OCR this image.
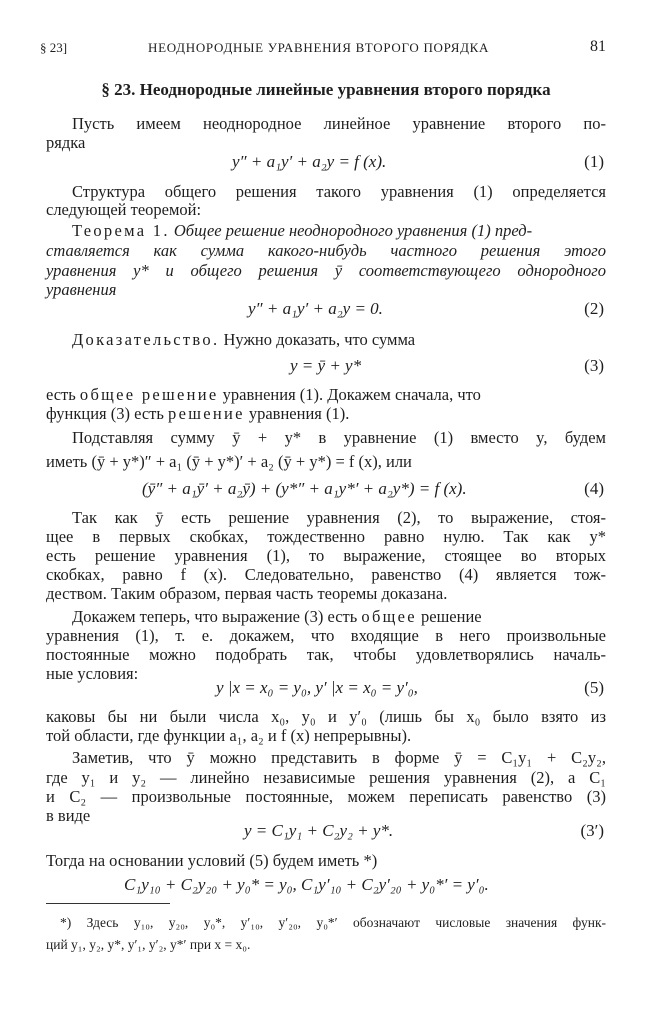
§ 23]	НЕОДНОРОДНЫЕ УРАВНЕНИЯ ВТОРОГО ПОРЯДКА	81
§ 23. Неоднородные линейные уравнения второго порядка
Пусть имеем неоднородное линейное уравнение второго по-
рядка
y″ + a₁y′ + a₂y = f (x).	(1)
Структура общего решения такого уравнения (1) определяется
следующей теоремой:
Теорема 1. Общее решение неоднородного уравнения (1) пред-
ставляется как сумма какого-нибудь частного решения этого
уравнения y* и общего решения ȳ соответствующего однородного
уравнения
y″ + a₁y′ + a₂y = 0.	(2)
Доказательство. Нужно доказать, что сумма
y = ȳ + y*	(3)
есть общее решение уравнения (1). Докажем сначала, что
функция (3) есть решение уравнения (1).
Подставляя сумму ȳ + y* в уравнение (1) вместо y, будем
иметь (ȳ + y*)″ + a₁ (ȳ + y*)′ + a₂ (ȳ + y*) = f (x), или
(ȳ″ + a₁ȳ′ + a₂ȳ) + (y*″ + a₁y*′ + a₂y*) = f (x).	(4)
Так как ȳ есть решение уравнения (2), то выражение, стоя-
щее в первых скобках, тождественно равно нулю. Так как y*
есть решение уравнения (1), то выражение, стоящее во вторых
скобках, равно f (x). Следовательно, равенство (4) является тож-
деством. Таким образом, первая часть теоремы доказана.
Докажем теперь, что выражение (3) есть общее решение
уравнения (1), т. е. докажем, что входящие в него произвольные
постоянные можно подобрать так, чтобы удовлетворялись началь-
ные условия:
y |x = x₀ = y₀, y′ |x = x₀ = y′₀,	(5)
каковы бы ни были числа x₀, y₀ и y′₀ (лишь бы x₀ было взято из
той области, где функции a₁, a₂ и f (x) непрерывны).
Заметив, что ȳ можно представить в форме ȳ = C₁y₁ + C₂y₂,
где y₁ и y₂ — линейно независимые решения уравнения (2), а C₁
и C₂ — произвольные постоянные, можем переписать равенство (3)
в виде
y = C₁y₁ + C₂y₂ + y*.	(3′)
Тогда на основании условий (5) будем иметь *)
C₁y₁₀ + C₂y₂₀ + y₀* = y₀, C₁y′₁₀ + C₂y′₂₀ + y₀*′ = y′₀.
*) Здесь y₁₀, y₂₀, y₀*, y′₁₀, y′₂₀, y₀*′ обозначают числовые значения функ-
ций y₁, y₂, y*, y′₁, y′₂, y*′ при x = x₀.
